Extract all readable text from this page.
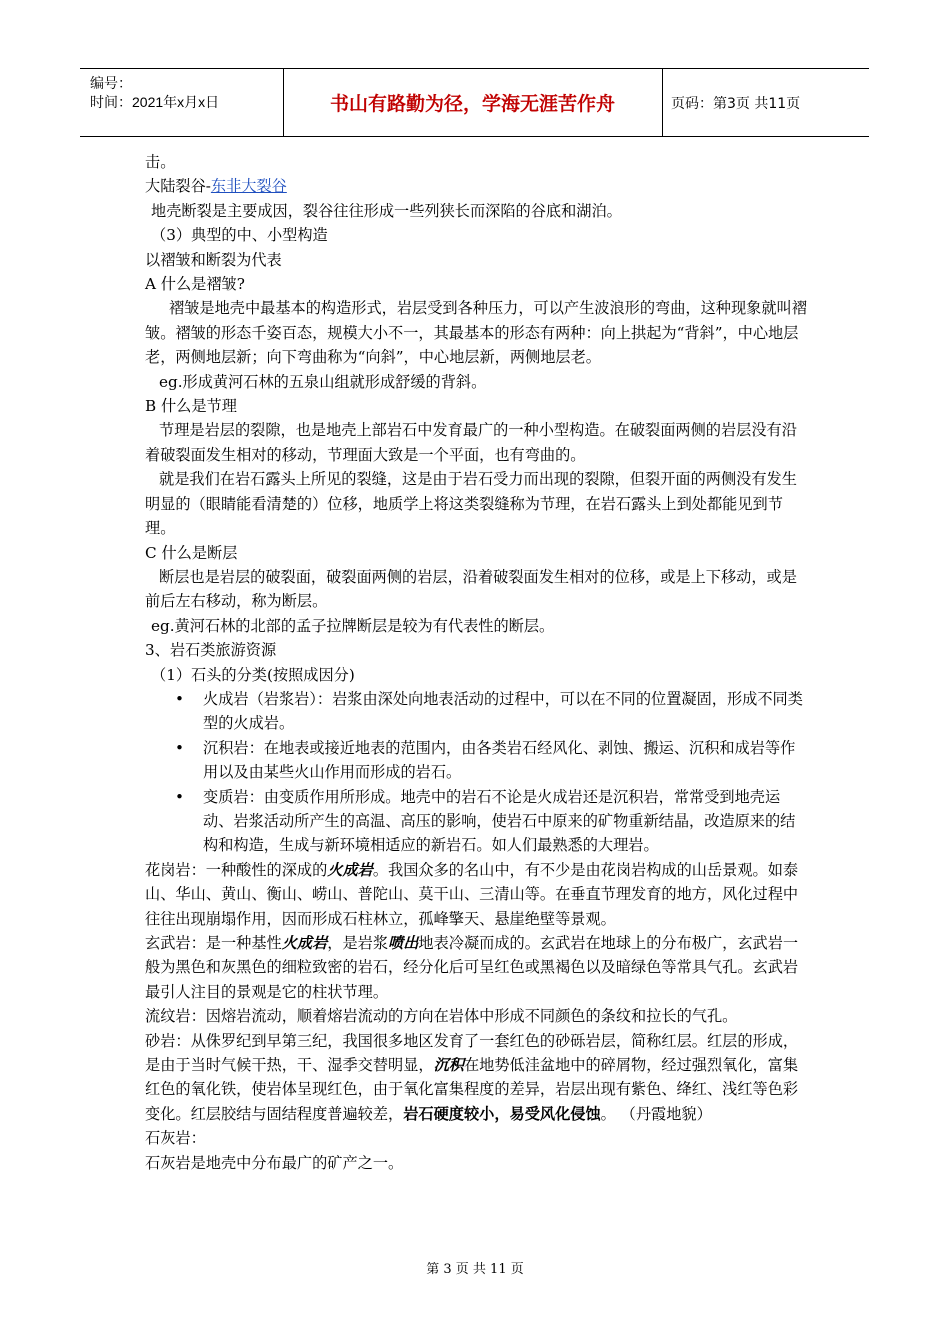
编号：
时间：2021年x月x日	书山有路勤为径，学海无涯苦作舟	页码：第3页 共11页

击。

大陆裂谷-东非大裂谷

地壳断裂是主要成因，裂谷往往形成一些列狭长而深陷的谷底和湖泊。

（3）典型的中、小型构造

以褶皱和断裂为代表

A 什么是褶皱?

褶皱是地壳中最基本的构造形式，岩层受到各种压力，可以产生波浪形的弯曲，这种现象就叫褶皱。褶皱的形态千姿百态，规模大小不一，其最基本的形态有两种：向上拱起为“背斜”，中心地层老，两侧地层新；向下弯曲称为“向斜”，中心地层新，两侧地层老。

eg.形成黄河石林的五泉山组就形成舒缓的背斜。

B 什么是节理

节理是岩层的裂隙，也是地壳上部岩石中发育最广的一种小型构造。在破裂面两侧的岩层没有沿着破裂面发生相对的移动，节理面大致是一个平面，也有弯曲的。

就是我们在岩石露头上所见的裂缝，这是由于岩石受力而出现的裂隙，但裂开面的两侧没有发生明显的（眼睛能看清楚的）位移，地质学上将这类裂缝称为节理，在岩石露头上到处都能见到节理。

C 什么是断层

断层也是岩层的破裂面，破裂面两侧的岩层，沿着破裂面发生相对的位移，或是上下移动，或是前后左右移动，称为断层。

eg.黄河石林的北部的孟子拉牌断层是较为有代表性的断层。

3、岩石类旅游资源

（1）石头的分类(按照成因分)

• 火成岩（岩浆岩）：岩浆由深处向地表活动的过程中，可以在不同的位置凝固，形成不同类型的火成岩。
• 沉积岩：在地表或接近地表的范围内，由各类岩石经风化、剥蚀、搬运、沉积和成岩等作用以及由某些火山作用而形成的岩石。
• 变质岩：由变质作用所形成。地壳中的岩石不论是火成岩还是沉积岩，常常受到地壳运动、岩浆活动所产生的高温、高压的影响，使岩石中原来的矿物重新结晶，改造原来的结构和构造，生成与新环境相适应的新岩石。如人们最熟悉的大理岩。

花岗岩：一种酸性的深成的火成岩。我国众多的名山中，有不少是由花岗岩构成的山岳景观。如泰山、华山、黄山、衡山、崂山、普陀山、莫干山、三清山等。在垂直节理发育的地方，风化过程中往往出现崩塌作用，因而形成石柱林立，孤峰擎天、悬崖绝壁等景观。

玄武岩：是一种基性火成岩，是岩浆喷出地表冷凝而成的。玄武岩在地球上的分布极广，玄武岩一般为黑色和灰黑色的细粒致密的岩石，经分化后可呈红色或黑褐色以及暗绿色等常具气孔。玄武岩最引人注目的景观是它的柱状节理。

流纹岩：因熔岩流动，顺着熔岩流动的方向在岩体中形成不同颜色的条纹和拉长的气孔。

砂岩：从侏罗纪到早第三纪，我国很多地区发育了一套红色的砂砾岩层，简称红层。红层的形成，是由于当时气候干热，干、湿季交替明显，沉积在地势低洼盆地中的碎屑物，经过强烈氧化，富集红色的氧化铁，使岩体呈现红色，由于氧化富集程度的差异，岩层出现有紫色、绛红、浅红等色彩变化。红层胶结与固结程度普遍较差，岩石硬度较小，易受风化侵蚀。 （丹霞地貌）

石灰岩：

石灰岩是地壳中分布最广的矿产之一。

第 3 页 共 11 页
